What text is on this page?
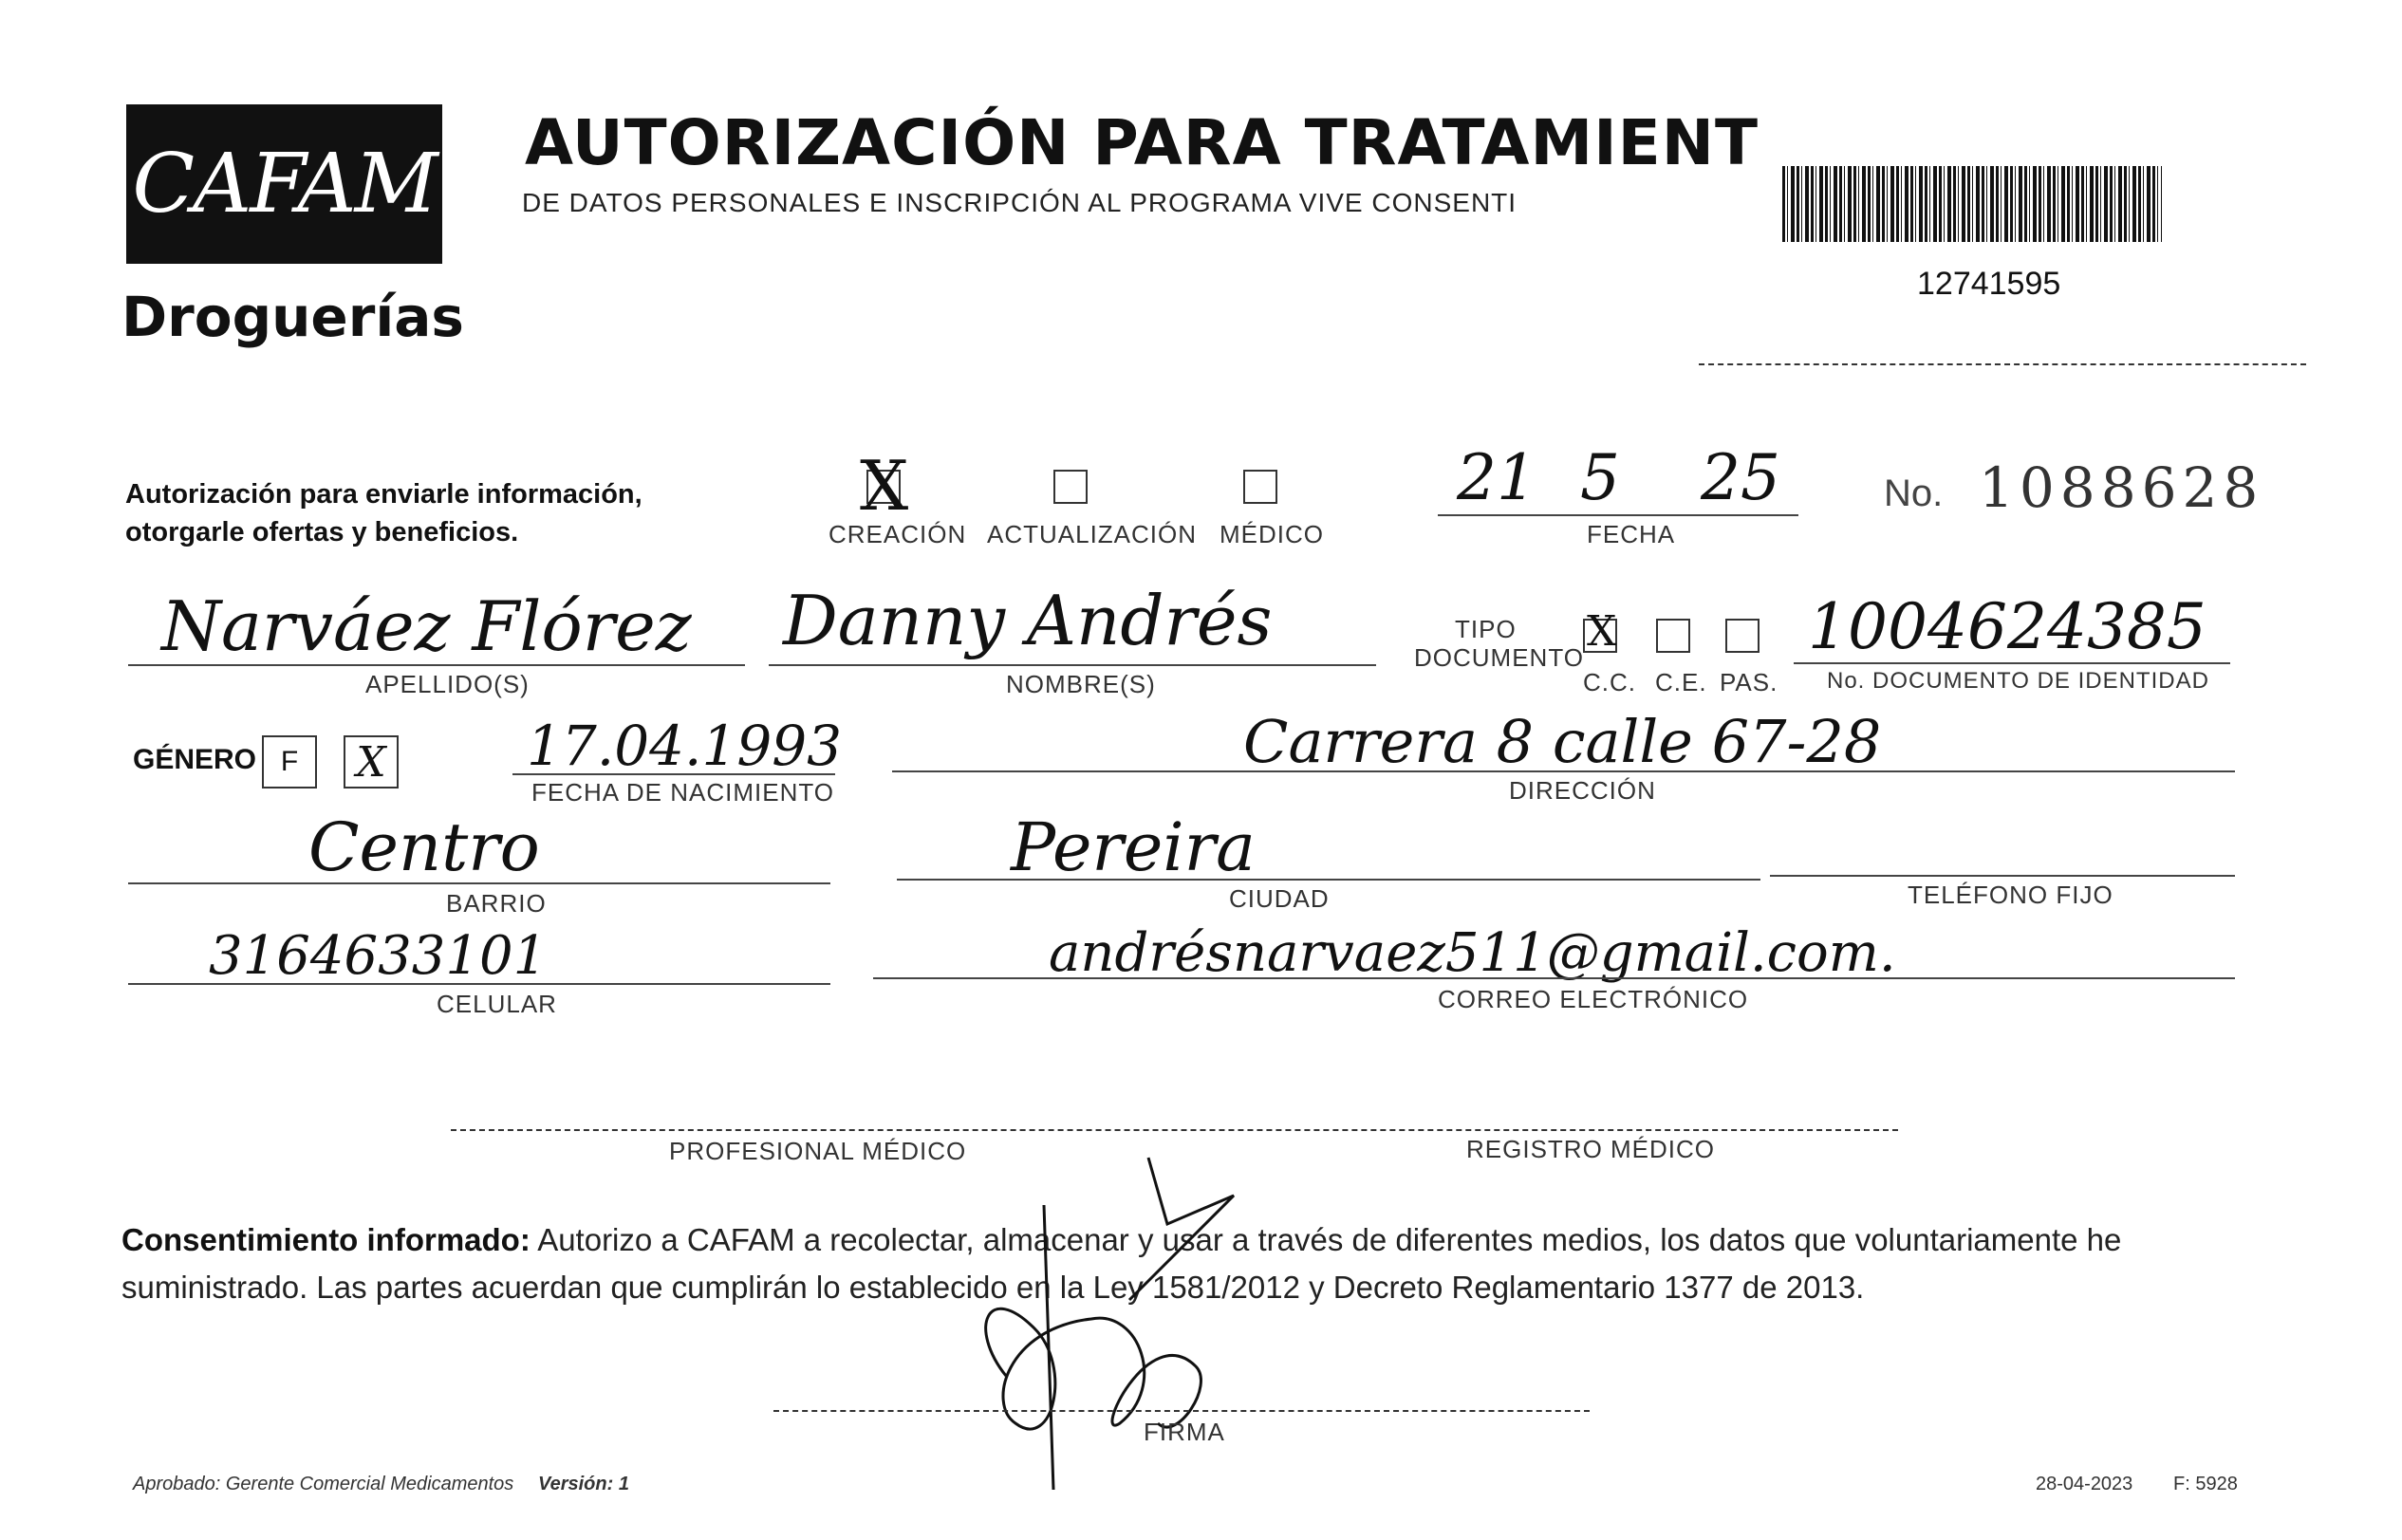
CAFAM
Droguerías
AUTORIZACIÓN PARA TRATAMIENT
DE DATOS PERSONALES E INSCRIPCIÓN AL PROGRAMA VIVE CONSENTI
12741595
Autorización para enviarle información,
otorgarle ofertas y beneficios.
X
CREACIÓN ACTUALIZACIÓN MÉDICO
21 5 25
FECHA
No. 1088628
Narváez Flórez
APELLIDO(S)
Danny Andrés
NOMBRE(S)
TIPO
DOCUMENTO
X
C.C. C.E. PAS.
1004624385
No. DOCUMENTO DE IDENTIDAD
GÉNERO F X	17.04.1993
FECHA DE NACIMIENTO
Carrera 8 calle 67-28
DIRECCIÓN
Centro
BARRIO
Pereira
CIUDAD	TELÉFONO FIJO
3164633101
CELULAR
andrésnarvaez511@gmail.com.
CORREO ELECTRÓNICO
PROFESIONAL MÉDICO	REGISTRO MÉDICO
Consentimiento informado: Autorizo a CAFAM a recolectar, almacenar y usar a través de diferentes medios, los datos que voluntariamente he suministrado. Las partes acuerdan que cumplirán lo establecido en la Ley 1581/2012 y Decreto Reglamentario 1377 de 2013.
FIRMA
Aprobado: Gerente Comercial Medicamentos Versión: 1	28-04-2023 F: 5928
